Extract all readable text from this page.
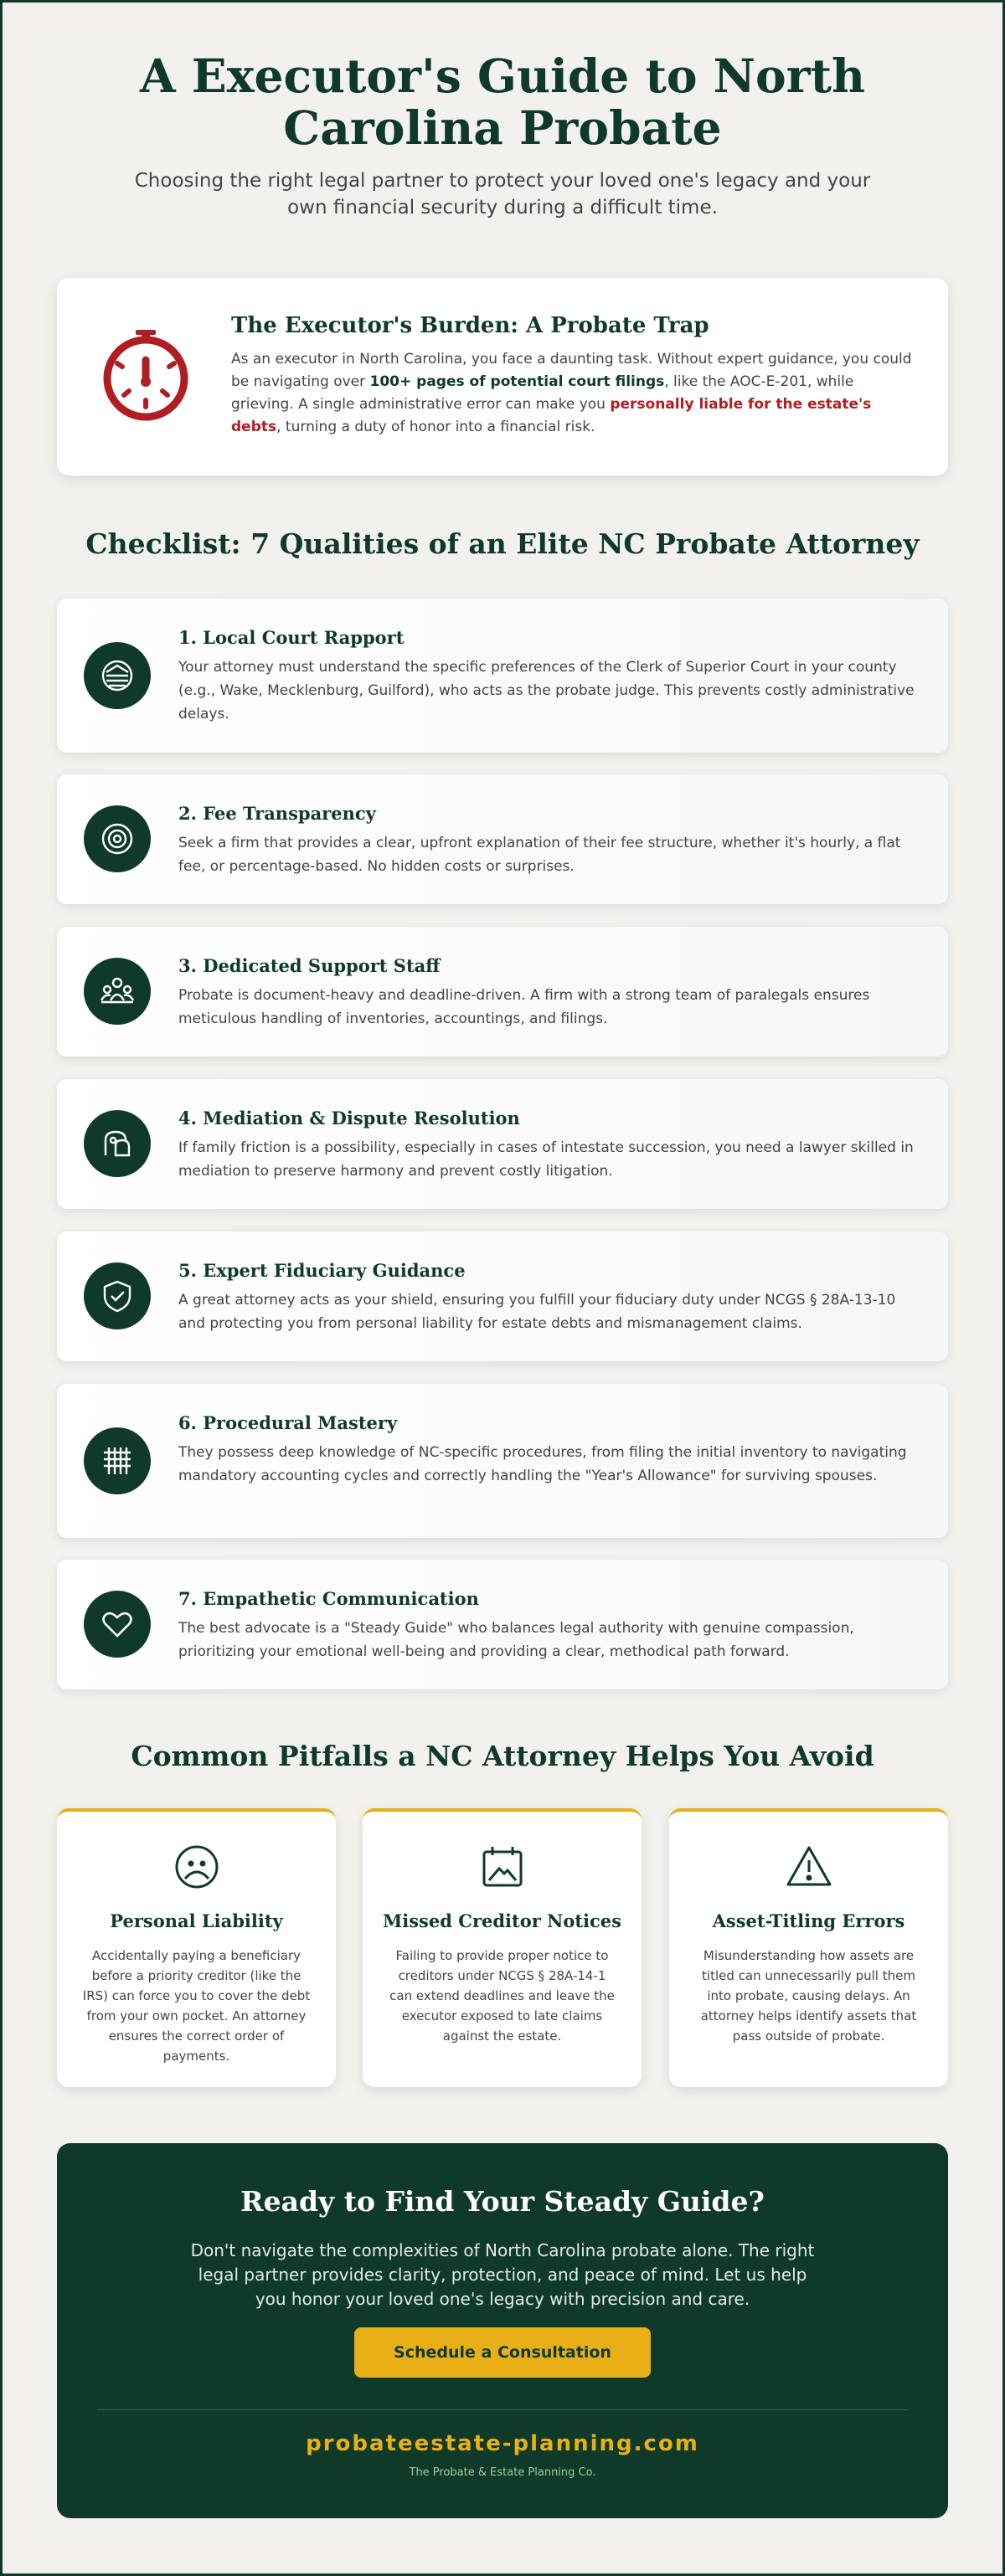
A Executor's Guide to North Carolina Probate

Choosing the right legal partner to protect your loved one's legacy and your own financial security during a difficult time.

The Executor's Burden: A Probate Trap

As an executor in North Carolina, you face a daunting task. Without expert guidance, you could be navigating over 100+ pages of potential court filings, like the AOC-E-201, while grieving. A single administrative error can make you personally liable for the estate's debts, turning a duty of honor into a financial risk.

Checklist: 7 Qualities of an Elite NC Probate Attorney
1. Local Court Rapport

Your attorney must understand the specific preferences of the Clerk of Superior Court in your county (e.g., Wake, Mecklenburg, Guilford), who acts as the probate judge. This prevents costly administrative delays.

2. Fee Transparency

Seek a firm that provides a clear, upfront explanation of their fee structure, whether it's hourly, a flat fee, or percentage-based. No hidden costs or surprises.

3. Dedicated Support Staff

Probate is document-heavy and deadline-driven. A firm with a strong team of paralegals ensures meticulous handling of inventories, accountings, and filings.

4. Mediation & Dispute Resolution

If family friction is a possibility, especially in cases of intestate succession, you need a lawyer skilled in mediation to preserve harmony and prevent costly litigation.

5. Expert Fiduciary Guidance

A great attorney acts as your shield, ensuring you fulfill your fiduciary duty under NCGS § 28A-13-10 and protecting you from personal liability for estate debts and mismanagement claims.

6. Procedural Mastery

They possess deep knowledge of NC-specific procedures, from filing the initial inventory to navigating mandatory accounting cycles and correctly handling the "Year's Allowance" for surviving spouses.

7. Empathetic Communication

The best advocate is a "Steady Guide" who balances legal authority with genuine compassion, prioritizing your emotional well-being and providing a clear, methodical path forward.

Common Pitfalls a NC Attorney Helps You Avoid
Personal Liability

Accidentally paying a beneficiary before a priority creditor (like the IRS) can force you to cover the debt from your own pocket. An attorney ensures the correct order of payments.

Missed Creditor Notices

Failing to provide proper notice to creditors under NCGS § 28A-14-1 can extend deadlines and leave the executor exposed to late claims against the estate.

Asset-Titling Errors

Misunderstanding how assets are titled can unnecessarily pull them into probate, causing delays. An attorney helps identify assets that pass outside of probate.

Ready to Find Your Steady Guide?

Don't navigate the complexities of North Carolina probate alone. The right legal partner provides clarity, protection, and peace of mind. Let us help you honor your loved one's legacy with precision and care.

Schedule a Consultation
probateestate-planning.com

The Probate & Estate Planning Co.
